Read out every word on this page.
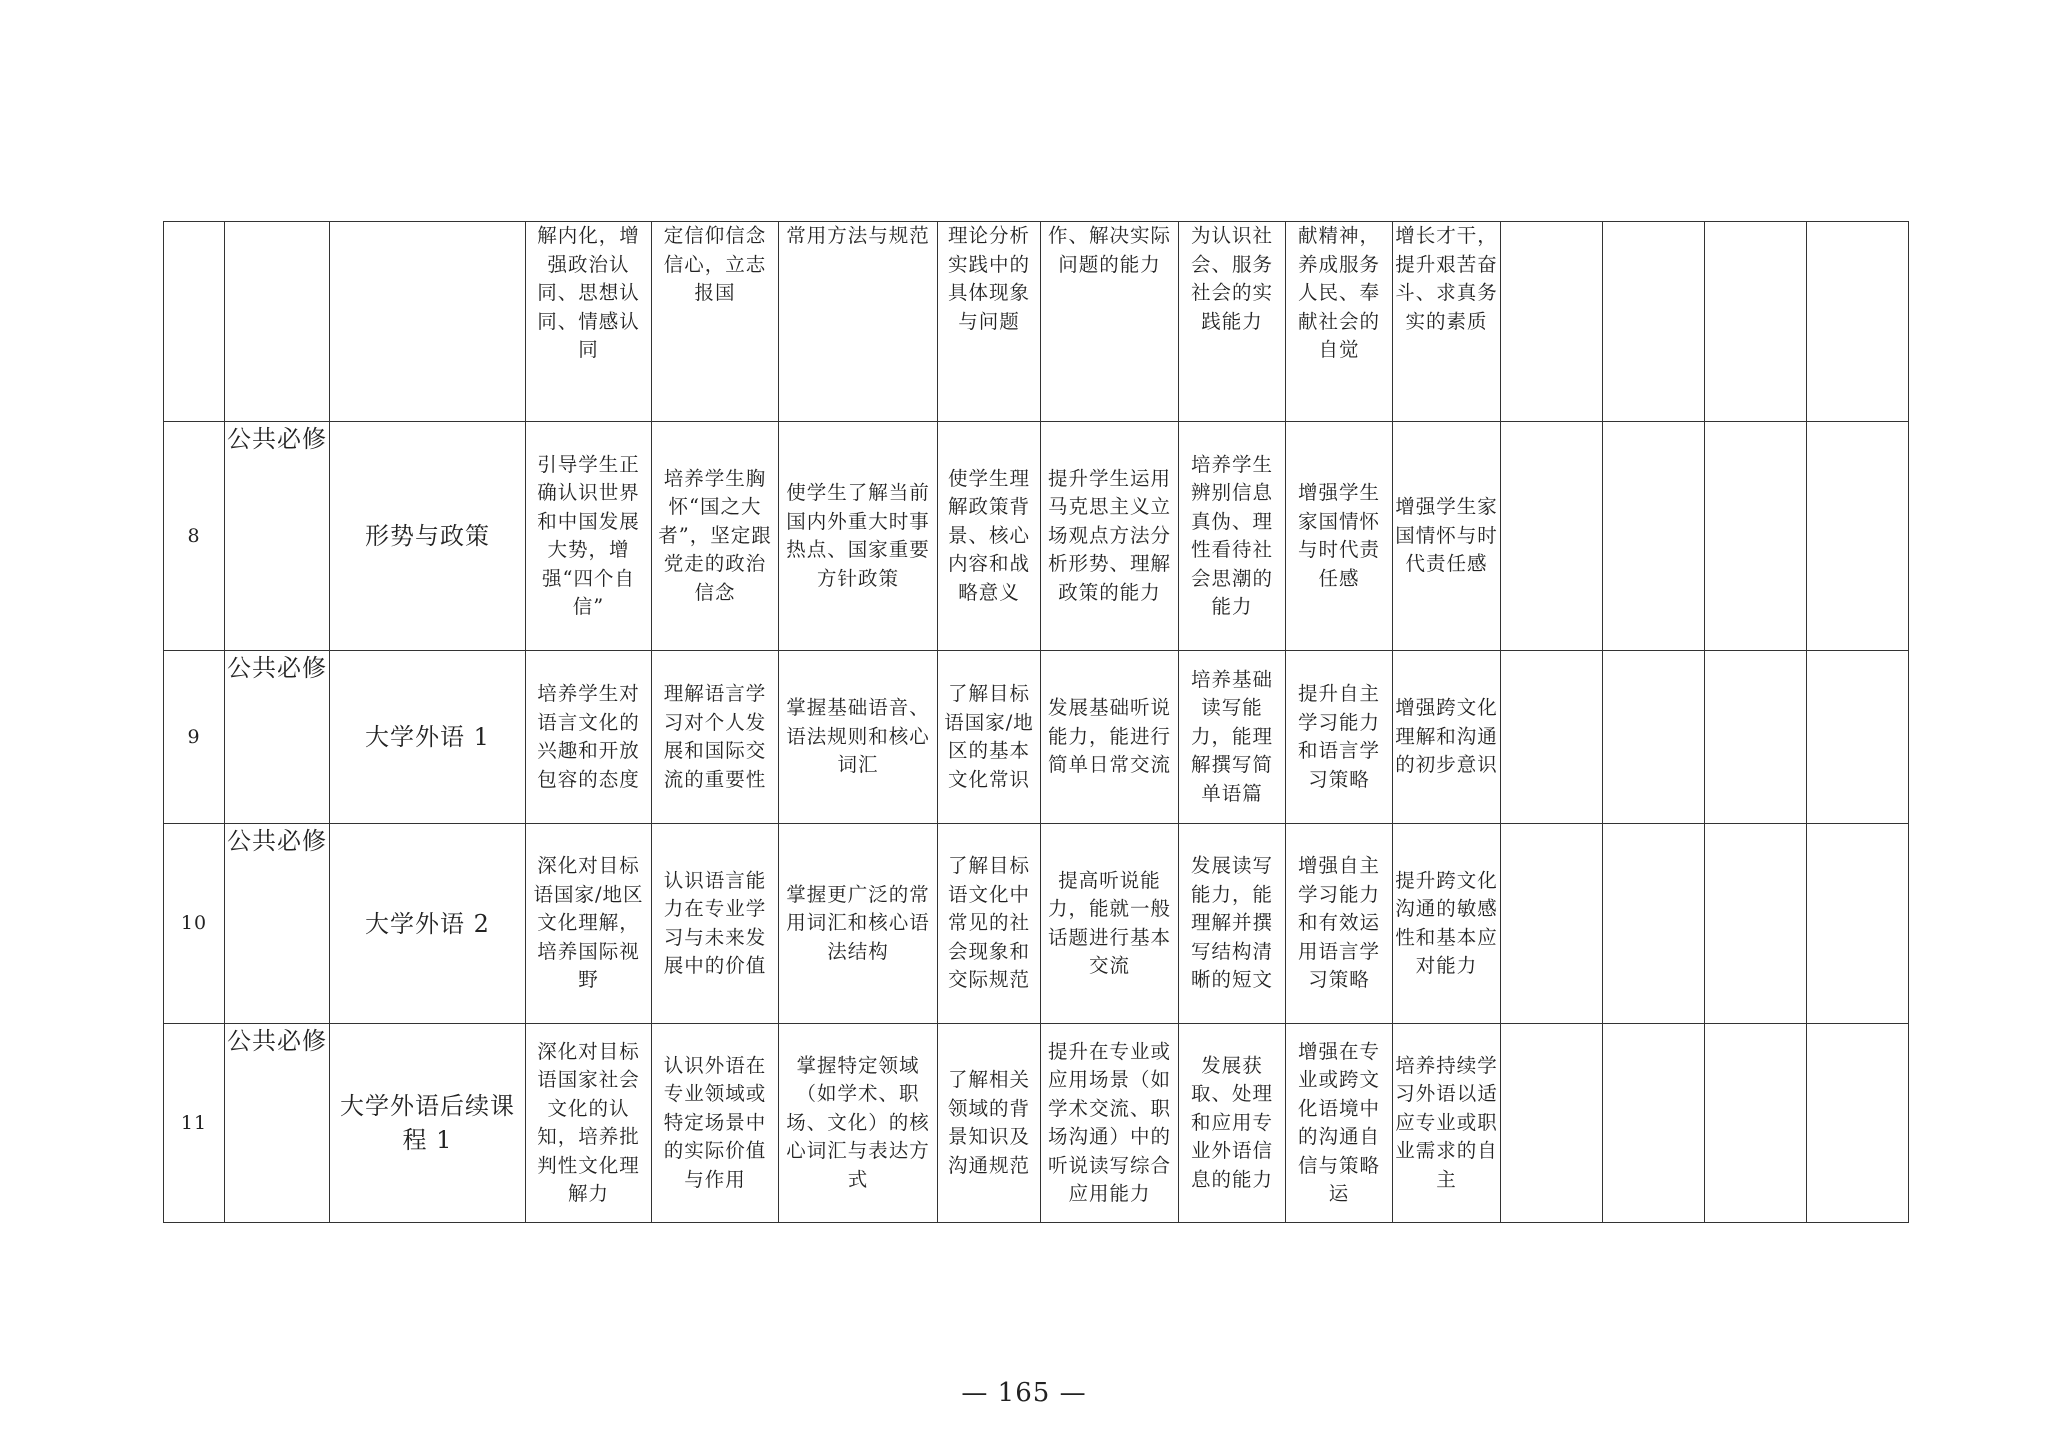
			解内化，增强政治认同、思想认同、情感认同	定信仰信念信心，立志报国	常用方法与规范	理论分析实践中的具体现象与问题	作、解决实际问题的能力	为认识社会、服务社会的实践能力	献精神，养成服务人民、奉献社会的自觉	增长才干，提升艰苦奋斗、求真务实的素质				

8	公共必修	形势与政策	引导学生正确认识世界和中国发展大势，增强“四个自信”	培养学生胸怀“国之大者”，坚定跟党走的政治信念	使学生了解当前国内外重大时事热点、国家重要方针政策	使学生理解政策背景、核心内容和战略意义	提升学生运用马克思主义立场观点方法分析形势、理解政策的能力	培养学生辨别信息真伪、理性看待社会思潮的能力	增强学生家国情怀与时代责任感	增强学生家国情怀与时代责任感				

9	公共必修	大学外语 1	培养学生对语言文化的兴趣和开放包容的态度	理解语言学习对个人发展和国际交流的重要性	掌握基础语音、语法规则和核心词汇	了解目标语国家/地区的基本文化常识	发展基础听说能力，能进行简单日常交流	培养基础读写能力，能理解撰写简单语篇	提升自主学习能力和语言学习策略	增强跨文化理解和沟通的初步意识				

10	公共必修	大学外语 2	深化对目标语国家/地区文化理解，培养国际视野	认识语言能力在专业学习与未来发展中的价值	掌握更广泛的常用词汇和核心语法结构	了解目标语文化中常见的社会现象和交际规范	提高听说能力，能就一般话题进行基本交流	发展读写能力，能理解并撰写结构清晰的短文	增强自主学习能力和有效运用语言学习策略	提升跨文化沟通的敏感性和基本应对能力				

11	公共必修	大学外语后续课程 1	深化对目标语国家社会文化的认知，培养批判性文化理解力	认识外语在专业领域或特定场景中的实际价值与作用	掌握特定领域（如学术、职场、文化）的核心词汇与表达方式	了解相关领域的背景知识及沟通规范	提升在专业或应用场景（如学术交流、职场沟通）中的听说读写综合应用能力	发展获取、处理和应用专业外语信息的能力	增强在专业或跨文化语境中的沟通自信与策略运	培养持续学习外语以适应专业或职业需求的自主				

— 165 —
